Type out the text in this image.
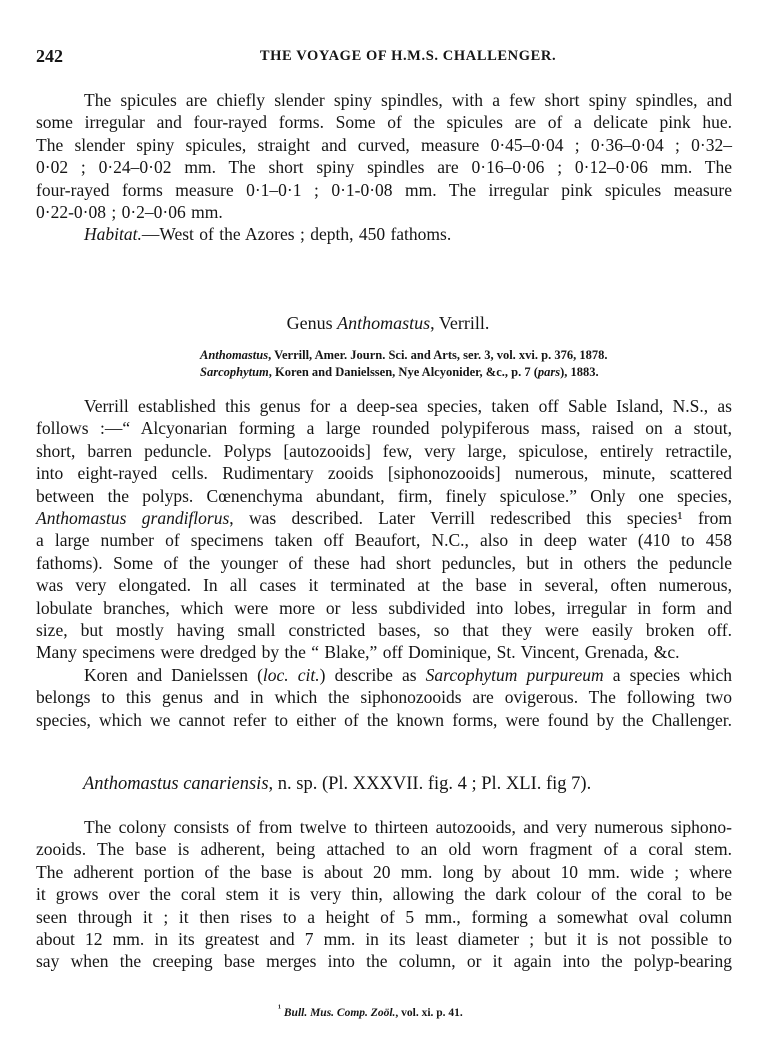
242	THE VOYAGE OF H.M.S. CHALLENGER.
The spicules are chiefly slender spiny spindles, with a few short spiny spindles, and
some irregular and four-rayed forms. Some of the spicules are of a delicate pink hue.
The slender spiny spicules, straight and curved, measure 0·45–0·04 ; 0·36–0·04 ; 0·32–
0·02 ; 0·24–0·02 mm. The short spiny spindles are 0·16–0·06 ; 0·12–0·06 mm. The
four-rayed forms measure 0·1–0·1 ; 0·1-0·08 mm. The irregular pink spicules measure
0·22-0·08 ; 0·2–0·06 mm.
Habitat.—West of the Azores ; depth, 450 fathoms.
Genus Anthomastus, Verrill.
Anthomastus, Verrill, Amer. Journ. Sci. and Arts, ser. 3, vol. xvi. p. 376, 1878.
Sarcophytum, Koren and Danielssen, Nye Alcyonider, &c., p. 7 (pars), 1883.
Verrill established this genus for a deep-sea species, taken off Sable Island, N.S., as
follows :—“ Alcyonarian forming a large rounded polypiferous mass, raised on a stout,
short, barren peduncle. Polyps [autozooids] few, very large, spiculose, entirely retractile,
into eight-rayed cells. Rudimentary zooids [siphonozooids] numerous, minute, scattered
between the polyps. Cœnenchyma abundant, firm, finely spiculose.” Only one species,
Anthomastus grandiflorus, was described. Later Verrill redescribed this species¹ from
a large number of specimens taken off Beaufort, N.C., also in deep water (410 to 458
fathoms). Some of the younger of these had short peduncles, but in others the peduncle
was very elongated. In all cases it terminated at the base in several, often numerous,
lobulate branches, which were more or less subdivided into lobes, irregular in form and
size, but mostly having small constricted bases, so that they were easily broken off.
Many specimens were dredged by the “ Blake,” off Dominique, St. Vincent, Grenada, &c.
Koren and Danielssen (loc. cit.) describe as Sarcophytum purpureum a species which
belongs to this genus and in which the siphonozooids are ovigerous. The following two
species, which we cannot refer to either of the known forms, were found by the Challenger.
Anthomastus canariensis, n. sp. (Pl. XXXVII. fig. 4 ; Pl. XLI. fig 7).
The colony consists of from twelve to thirteen autozooids, and very numerous siphono-
zooids. The base is adherent, being attached to an old worn fragment of a coral stem.
The adherent portion of the base is about 20 mm. long by about 10 mm. wide ; where
it grows over the coral stem it is very thin, allowing the dark colour of the coral to be
seen through it ; it then rises to a height of 5 mm., forming a somewhat oval column
about 12 mm. in its greatest and 7 mm. in its least diameter ; but it is not possible to
say when the creeping base merges into the column, or it again into the polyp-bearing
$^{^1}$ Bull. Mus. Comp. Zoöl., vol. xi. p. 41.
